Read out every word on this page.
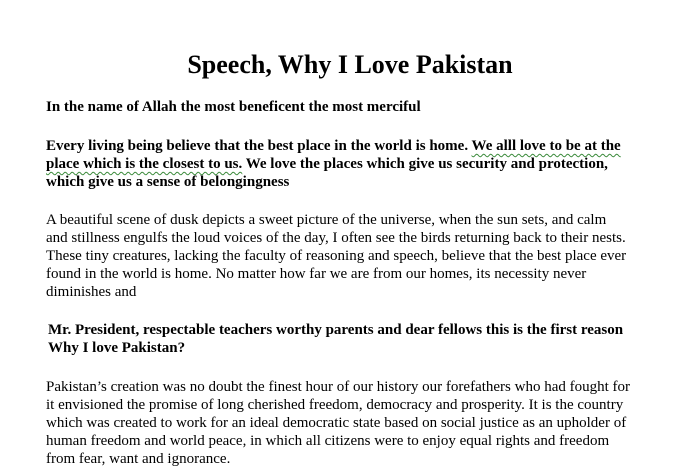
Speech, Why I Love Pakistan

In the name of Allah the most beneficent the most merciful

Every living being believe that the best place in the world is home. We alll love to be at the
place which is the closest to us. We love the places which give us security and protection,
which give us a sense of belongingness

A beautiful scene of dusk depicts a sweet picture of the universe, when the sun sets, and calm
and stillness engulfs the loud voices of the day, I often see the birds returning back to their nests.
These tiny creatures, lacking the faculty of reasoning and speech, believe that the best place ever
found in the world is home. No matter how far we are from our homes, its necessity never
diminishes and

Mr. President, respectable teachers worthy parents and dear fellows this is the first reason
Why I love Pakistan?

Pakistan’s creation was no doubt the finest hour of our history our forefathers who had fought for
it envisioned the promise of long cherished freedom, democracy and prosperity. It is the country
which was created to work for an ideal democratic state based on social justice as an upholder of
human freedom and world peace, in which all citizens were to enjoy equal rights and freedom
from fear, want and ignorance.
